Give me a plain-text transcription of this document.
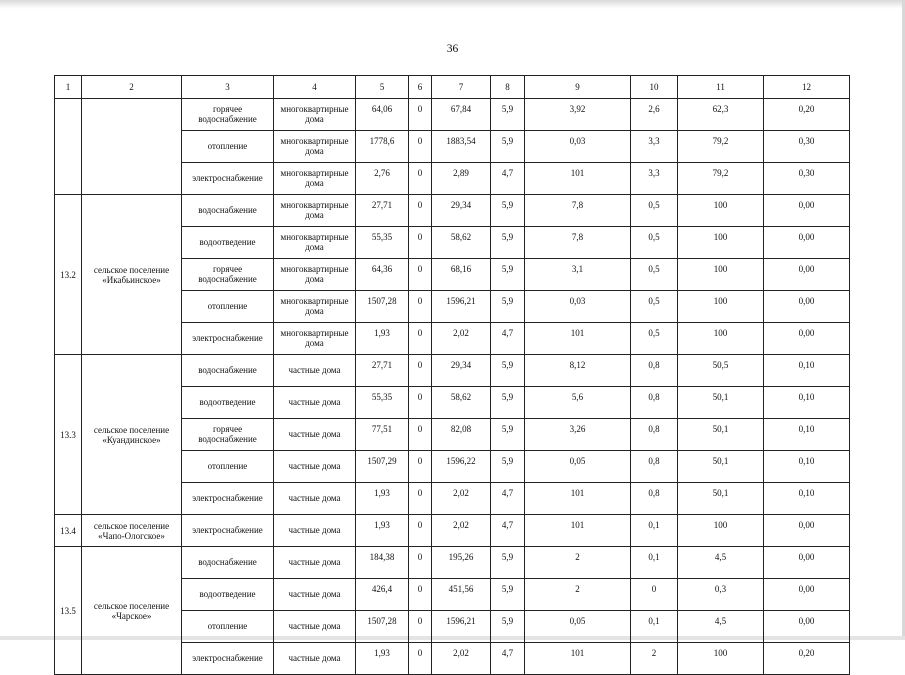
36
1	2	3	4	5	6	7	8	9	10	11	12
		горячее водоснабжение	многоквартирные дома	64,06	0	67,84	5,9	3,92	2,6	62,3	0,20
		отопление	многоквартирные дома	1778,6	0	1883,54	5,9	0,03	3,3	79,2	0,30
		электроснабжение	многоквартирные дома	2,76	0	2,89	4,7	101	3,3	79,2	0,30
13.2	сельское поселение «Икабьинское»	водоснабжение	многоквартирные дома	27,71	0	29,34	5,9	7,8	0,5	100	0,00
		водоотведение	многоквартирные дома	55,35	0	58,62	5,9	7,8	0,5	100	0,00
		горячее водоснабжение	многоквартирные дома	64,36	0	68,16	5,9	3,1	0,5	100	0,00
		отопление	многоквартирные дома	1507,28	0	1596,21	5,9	0,03	0,5	100	0,00
		электроснабжение	многоквартирные дома	1,93	0	2,02	4,7	101	0,5	100	0,00
13.3	сельское поселение «Куандинское»	водоснабжение	частные дома	27,71	0	29,34	5,9	8,12	0,8	50,5	0,10
		водоотведение	частные дома	55,35	0	58,62	5,9	5,6	0,8	50,1	0,10
		горячее водоснабжение	частные дома	77,51	0	82,08	5,9	3,26	0,8	50,1	0,10
		отопление	частные дома	1507,29	0	1596,22	5,9	0,05	0,8	50,1	0,10
		электроснабжение	частные дома	1,93	0	2,02	4,7	101	0,8	50,1	0,10
13.4	сельское поселение «Чапо-Ологское»	электроснабжение	частные дома	1,93	0	2,02	4,7	101	0,1	100	0,00
13.5	сельское поселение «Чарское»	водоснабжение	частные дома	184,38	0	195,26	5,9	2	0,1	4,5	0,00
		водоотведение	частные дома	426,4	0	451,56	5,9	2	0	0,3	0,00
		отопление	частные дома	1507,28	0	1596,21	5,9	0,05	0,1	4,5	0,00
		электроснабжение	частные дома	1,93	0	2,02	4,7	101	2	100	0,20
